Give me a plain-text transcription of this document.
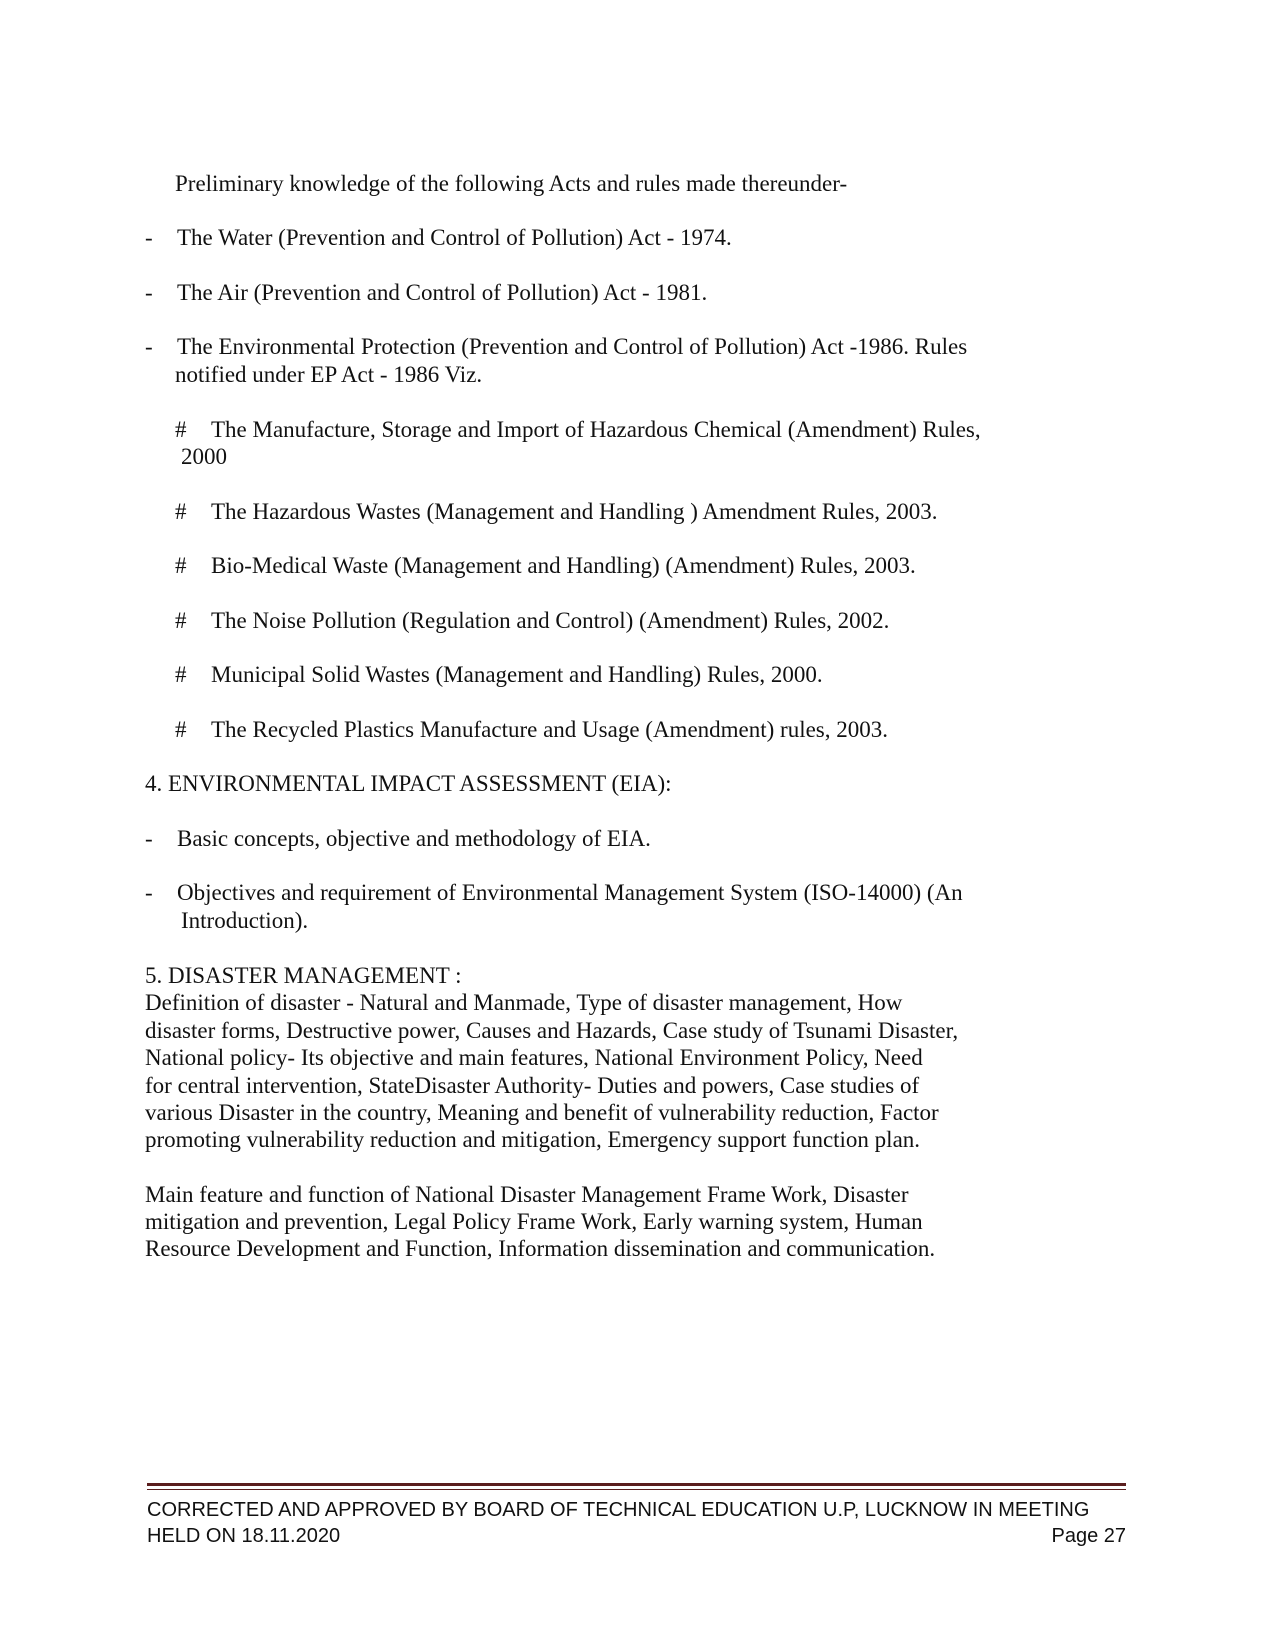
Preliminary knowledge of the following Acts and rules made thereunder-
- The Water (Prevention and Control of Pollution) Act - 1974.
- The Air (Prevention and Control of Pollution) Act - 1981.
- The Environmental Protection (Prevention and Control of Pollution) Act -1986. Rules
notified under EP Act - 1986 Viz.
# The Manufacture, Storage and Import of Hazardous Chemical (Amendment) Rules,
2000
# The Hazardous Wastes (Management and Handling ) Amendment Rules, 2003.
# Bio-Medical Waste (Management and Handling) (Amendment) Rules, 2003.
# The Noise Pollution (Regulation and Control) (Amendment) Rules, 2002.
# Municipal Solid Wastes (Management and Handling) Rules, 2000.
# The Recycled Plastics Manufacture and Usage (Amendment) rules, 2003.
4. ENVIRONMENTAL IMPACT ASSESSMENT (EIA):
- Basic concepts, objective and methodology of EIA.
- Objectives and requirement of Environmental Management System (ISO-14000) (An
Introduction).
5. DISASTER MANAGEMENT :
Definition of disaster - Natural and Manmade, Type of disaster management, How
disaster forms, Destructive power, Causes and Hazards, Case study of Tsunami Disaster,
National policy- Its objective and main features, National Environment Policy, Need
for central intervention, StateDisaster Authority- Duties and powers, Case studies of
various Disaster in the country, Meaning and benefit of vulnerability reduction, Factor
promoting vulnerability reduction and mitigation, Emergency support function plan.
Main feature and function of National Disaster Management Frame Work, Disaster
mitigation and prevention, Legal Policy Frame Work, Early warning system, Human
Resource Development and Function, Information dissemination and communication.
CORRECTED AND APPROVED BY BOARD OF TECHNICAL EDUCATION U.P, LUCKNOW IN MEETING
HELD ON 18.11.2020	Page 27
